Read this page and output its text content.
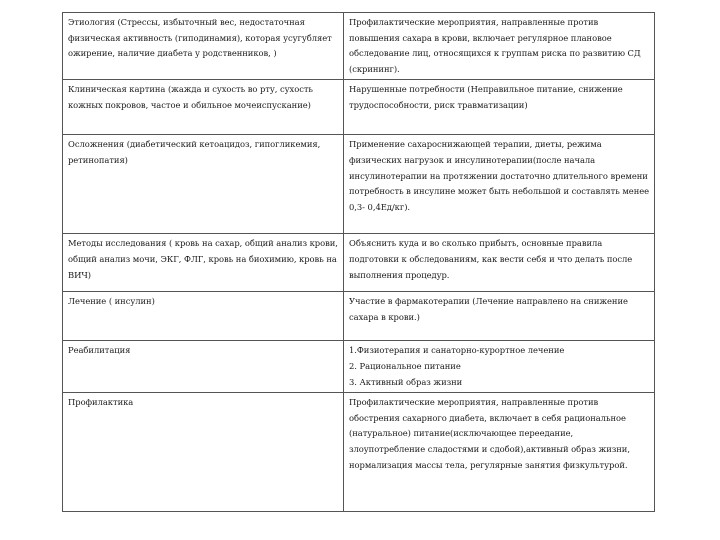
Этиология (Стрессы, избыточный вес, недостаточная физическая активность (гиподинамия), которая усугубляет ожирение, наличие диабета у родственников, )	Профилактические мероприятия, направленные против повышения сахара в крови, включает регулярное плановое обследование лиц, относящихся к группам риска по развитию СД (скрининг).

Клиническая картина (жажда и сухость во рту, сухость кожных покровов, частое и обильное мочеиспускание)	Нарушенные потребности (Неправильное питание, снижение трудоспособности, риск травматизации)

Осложнения (диабетический кетоацидоз, гипогликемия, ретинопатия)	Применение сахароснижающей терапии, диеты, режима физических нагрузок и инсулинотерапии(после начала инсулинотерапии на протяжении достаточно длительного времени потребность в инсулине может быть небольшой и составлять менее 0,3- 0,4Ед/кг).

Методы исследования ( кровь на сахар, общий анализ крови, общий анализ мочи, ЭКГ, ФЛГ, кровь на биохимию, кровь на ВИЧ)	Объяснить куда и во сколько прибыть, основные правила подготовки к обследованиям, как вести себя и что делать после выполнения процедур.

Лечение ( инсулин)	Участие в фармакотерапии (Лечение направлено на снижение сахара в крови.)

Реабилитация	1.Физиотерапия и санаторно-курортное лечение
2. Рациональное питание
3. Активный образ жизни

Профилактика	Профилактические мероприятия, направленные против обострения сахарного диабета, включает в себя рациональное (натуральное) питание(исключающее переедание, злоупотребление сладостями и сдобой),активный образ жизни, нормализация массы тела, регулярные занятия физкультурой.
